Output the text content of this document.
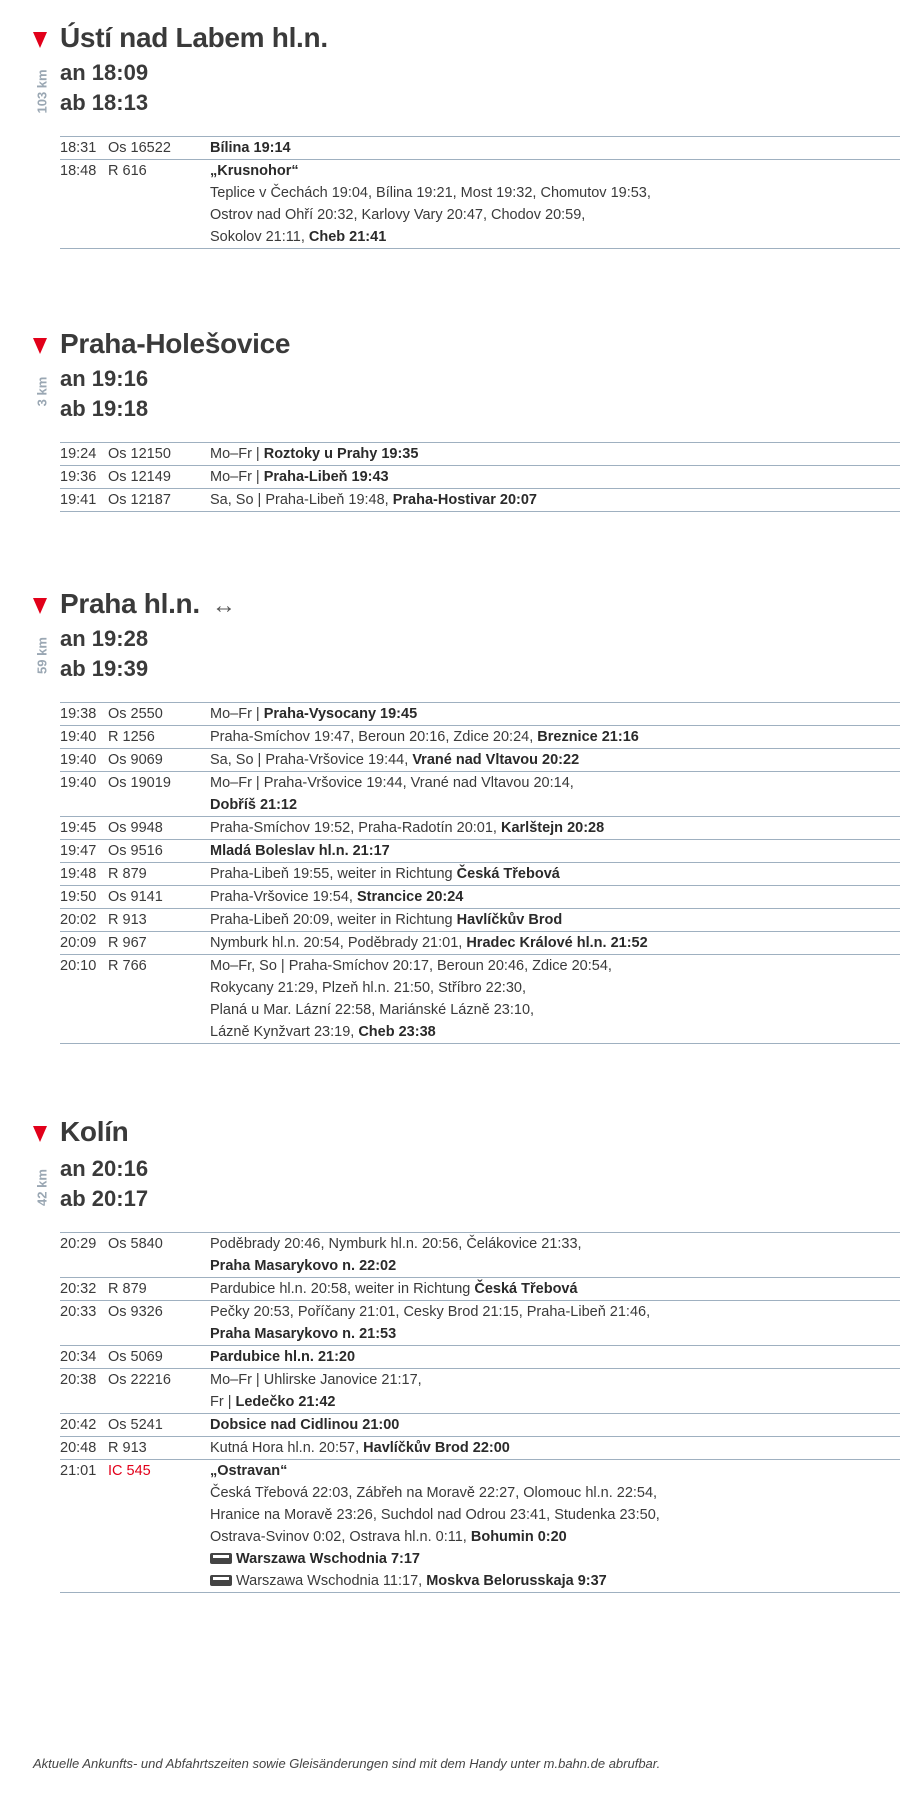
Ústí nad Labem hl.n.
103 km an 18:09
ab 18:13
18:31 Os 16522	Bílina 19:14
18:48 R 616	„Krusnohor“
Teplice v Čechách 19:04, Bílina 19:21, Most 19:32, Chomutov 19:53,
Ostrov nad Ohří 20:32, Karlovy Vary 20:47, Chodov 20:59,
Sokolov 21:11, Cheb 21:41
Praha-Holešovice
3 km an 19:16
ab 19:18
19:24 Os 12150	Mo–Fr | Roztoky u Prahy 19:35
19:36 Os 12149	Mo–Fr | Praha-Libeň 19:43
19:41 Os 12187	Sa, So | Praha-Libeň 19:48, Praha-Hostivar 20:07
Praha hl.n. ↔
59 km an 19:28
ab 19:39
19:38 Os 2550	Mo–Fr | Praha-Vysocany 19:45
19:40 R 1256	Praha-Smíchov 19:47, Beroun 20:16, Zdice 20:24, Breznice 21:16
19:40 Os 9069	Sa, So | Praha-Vršovice 19:44, Vrané nad Vltavou 20:22
19:40 Os 19019	Mo–Fr | Praha-Vršovice 19:44, Vrané nad Vltavou 20:14,
Dobříš 21:12
19:45 Os 9948	Praha-Smíchov 19:52, Praha-Radotín 20:01, Karlštejn 20:28
19:47 Os 9516	Mladá Boleslav hl.n. 21:17
19:48 R 879	Praha-Libeň 19:55, weiter in Richtung Česká Třebová
19:50 Os 9141	Praha-Vršovice 19:54, Strancice 20:24
20:02 R 913	Praha-Libeň 20:09, weiter in Richtung Havlíčkův Brod
20:09 R 967	Nymburk hl.n. 20:54, Poděbrady 21:01, Hradec Králové hl.n. 21:52
20:10 R 766	Mo–Fr, So | Praha-Smíchov 20:17, Beroun 20:46, Zdice 20:54,
Rokycany 21:29, Plzeň hl.n. 21:50, Stříbro 22:30,
Planá u Mar. Lázní 22:58, Mariánské Lázně 23:10,
Lázně Kynžvart 23:19, Cheb 23:38
Kolín
42 km
an 20:16
ab 20:17
20:29 Os 5840	Poděbrady 20:46, Nymburk hl.n. 20:56, Čelákovice 21:33,
Praha Masarykovo n. 22:02
20:32 R 879	Pardubice hl.n. 20:58, weiter in Richtung Česká Třebová
20:33 Os 9326	Pečky 20:53, Poříčany 21:01, Cesky Brod 21:15, Praha-Libeň 21:46,
Praha Masarykovo n. 21:53
20:34 Os 5069	Pardubice hl.n. 21:20
20:38 Os 22216	Mo–Fr | Uhlirske Janovice 21:17,
Fr | Ledečko 21:42
20:42 Os 5241	Dobsice nad Cidlinou 21:00
20:48 R 913	Kutná Hora hl.n. 20:57, Havlíčkův Brod 22:00
21:01 IC 545	„Ostravan“
Česká Třebová 22:03, Zábřeh na Moravě 22:27, Olomouc hl.n. 22:54,
Hranice na Moravě 23:26, Suchdol nad Odrou 23:41, Studenka 23:50,
Ostrava-Svinov 0:02, Ostrava hl.n. 0:11, Bohumin 0:20
Warszawa Wschodnia 7:17
Warszawa Wschodnia 11:17, Moskva Belorusskaja 9:37
Aktuelle Ankunfts- und Abfahrtszeiten sowie Gleisänderungen sind mit dem Handy unter m.bahn.de abrufbar.
